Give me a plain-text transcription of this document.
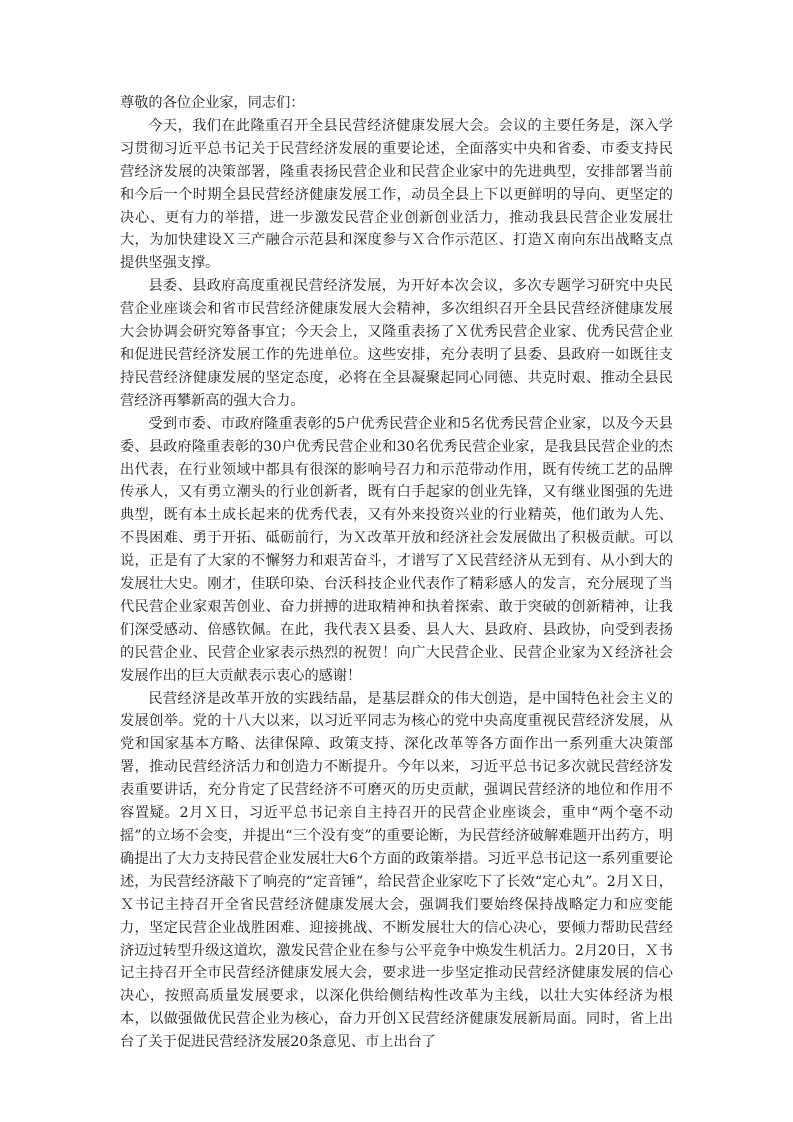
尊敬的各位企业家，同志们：

今天，我们在此隆重召开全县民营经济健康发展大会。会议的主要任务是，深入学习贯彻习近平总书记关于民营经济发展的重要论述，全面落实中央和省委、市委支持民营经济发展的决策部署，隆重表扬民营企业和民营企业家中的先进典型，安排部署当前和今后一个时期全县民营经济健康发展工作，动员全县上下以更鲜明的导向、更坚定的决心、更有力的举措，进一步激发民营企业创新创业活力，推动我县民营企业发展壮大，为加快建设Ｘ三产融合示范县和深度参与Ｘ合作示范区、打造Ｘ南向东出战略支点提供坚强支撑。

县委、县政府高度重视民营经济发展，为开好本次会议，多次专题学习研究中央民营企业座谈会和省市民营经济健康发展大会精神，多次组织召开全县民营经济健康发展大会协调会研究筹备事宜；今天会上，又隆重表扬了Ｘ优秀民营企业家、优秀民营企业和促进民营经济发展工作的先进单位。这些安排，充分表明了县委、县政府一如既往支持民营经济健康发展的坚定态度，必将在全县凝聚起同心同德、共克时艰、推动全县民营经济再攀新高的强大合力。

受到市委、市政府隆重表彰的5户优秀民营企业和5名优秀民营企业家，以及今天县委、县政府隆重表彰的30户优秀民营企业和30名优秀民营企业家，是我县民营企业的杰出代表，在行业领域中都具有很深的影响号召力和示范带动作用，既有传统工艺的品牌传承人，又有勇立潮头的行业创新者，既有白手起家的创业先锋，又有继业图强的先进典型，既有本土成长起来的优秀代表，又有外来投资兴业的行业精英，他们敢为人先、不畏困难、勇于开拓、砥砺前行，为Ｘ改革开放和经济社会发展做出了积极贡献。可以说，正是有了大家的不懈努力和艰苦奋斗，才谱写了Ｘ民营经济从无到有、从小到大的发展壮大史。刚才，佳联印染、台沃科技企业代表作了精彩感人的发言，充分展现了当代民营企业家艰苦创业、奋力拼搏的进取精神和执着探索、敢于突破的创新精神，让我们深受感动、倍感钦佩。在此，我代表Ｘ县委、县人大、县政府、县政协，向受到表扬的民营企业、民营企业家表示热烈的祝贺！向广大民营企业、民营企业家为Ｘ经济社会发展作出的巨大贡献表示衷心的感谢！

民营经济是改革开放的实践结晶，是基层群众的伟大创造，是中国特色社会主义的发展创举。党的十八大以来，以习近平同志为核心的党中央高度重视民营经济发展，从党和国家基本方略、法律保障、政策支持、深化改革等各方面作出一系列重大决策部署，推动民营经济活力和创造力不断提升。今年以来，习近平总书记多次就民营经济发表重要讲话，充分肯定了民营经济不可磨灭的历史贡献，强调民营经济的地位和作用不容置疑。2月Ｘ日，习近平总书记亲自主持召开的民营企业座谈会，重申“两个毫不动摇”的立场不会变，并提出“三个没有变”的重要论断，为民营经济破解难题开出药方，明确提出了大力支持民营企业发展壮大6个方面的政策举措。习近平总书记这一系列重要论述，为民营经济敲下了响亮的“定音锤”，给民营企业家吃下了长效“定心丸”。2月Ｘ日，Ｘ书记主持召开全省民营经济健康发展大会，强调我们要始终保持战略定力和应变能力，坚定民营企业战胜困难、迎接挑战、不断发展壮大的信心决心，要倾力帮助民营经济迈过转型升级这道坎，激发民营企业在参与公平竞争中焕发生机活力。2月20日，Ｘ书记主持召开全市民营经济健康发展大会，要求进一步坚定推动民营经济健康发展的信心决心，按照高质量发展要求，以深化供给侧结构性改革为主线，以壮大实体经济为根本，以做强做优民营企业为核心，奋力开创Ｘ民营经济健康发展新局面。同时，省上出台了关于促进民营经济发展20条意见、市上出台了
